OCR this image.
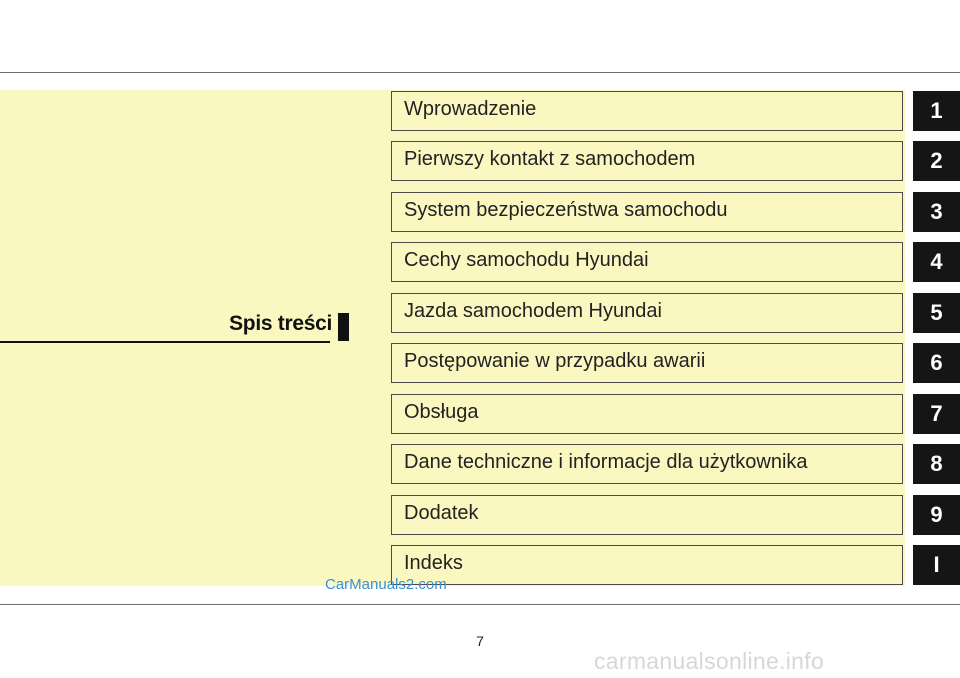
Spis treści
Wprowadzenie
Pierwszy kontakt z samochodem
System bezpieczeństwa samochodu
Cechy samochodu Hyundai
Jazda samochodem Hyundai
Postępowanie w przypadku awarii
Obsługa
Dane techniczne i informacje dla użytkownika
Dodatek
Indeks
1
2
3
4
5
6
7
8
9
I
CarManuals2.com
7
carmanualsonline.info
